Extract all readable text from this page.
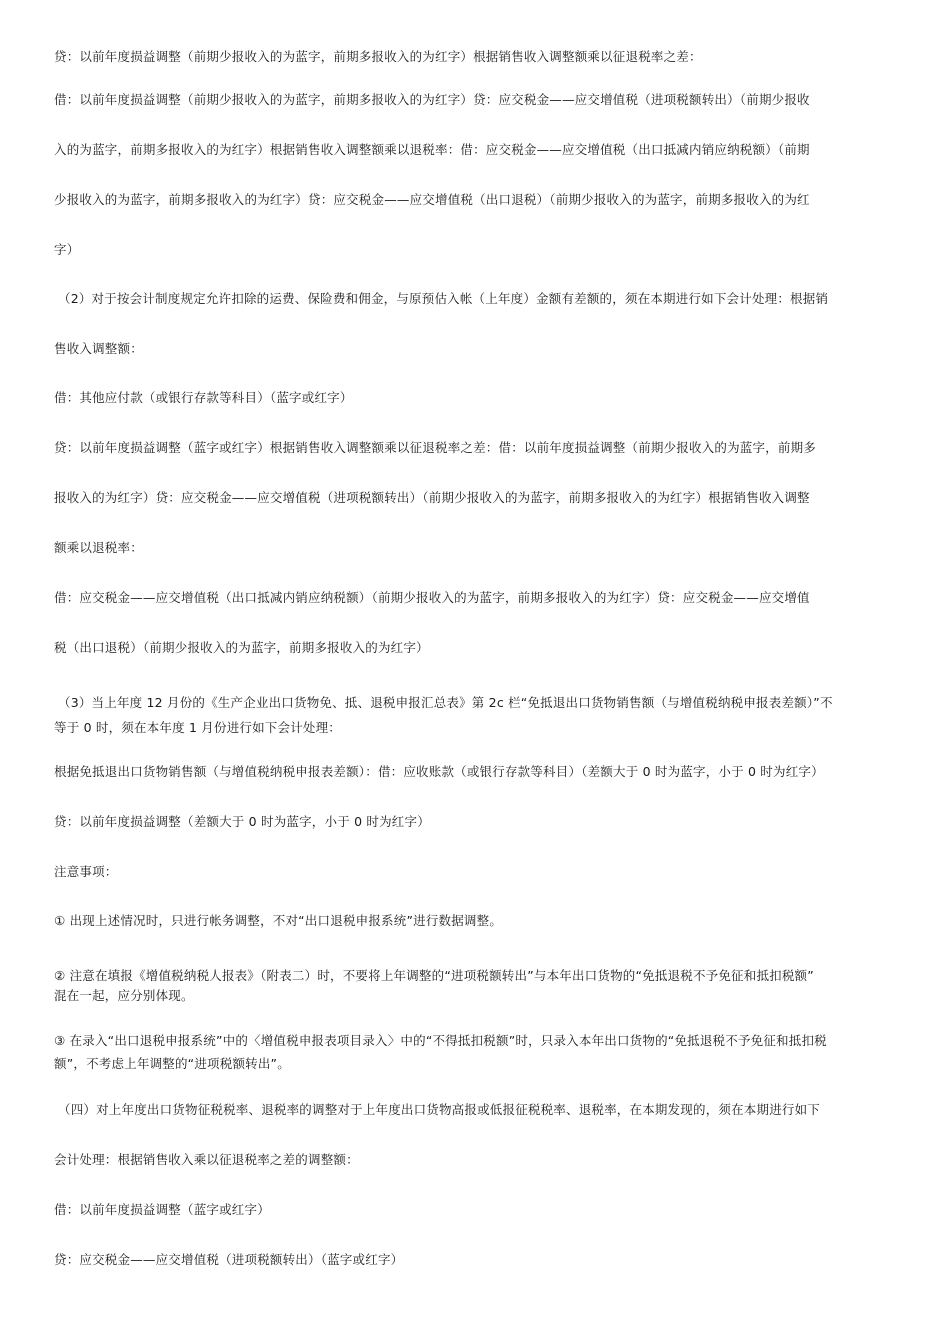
贷：以前年度损益调整（前期少报收入的为蓝字，前期多报收入的为红字）根据销售收入调整额乘以征退税率之差：
借：以前年度损益调整（前期少报收入的为蓝字，前期多报收入的为红字）贷：应交税金——应交增值税（进项税额转出）（前期少报收
入的为蓝字，前期多报收入的为红字）根据销售收入调整额乘以退税率：借：应交税金——应交增值税（出口抵减内销应纳税额）（前期
少报收入的为蓝字，前期多报收入的为红字）贷：应交税金——应交增值税（出口退税）（前期少报收入的为蓝字，前期多报收入的为红
字）
（2）对于按会计制度规定允许扣除的运费、保险费和佣金，与原预估入帐（上年度）金额有差额的，须在本期进行如下会计处理：根据销
售收入调整额：
借：其他应付款（或银行存款等科目）（蓝字或红字）
贷：以前年度损益调整（蓝字或红字）根据销售收入调整额乘以征退税率之差：借：以前年度损益调整（前期少报收入的为蓝字，前期多
报收入的为红字）贷：应交税金——应交增值税（进项税额转出）（前期少报收入的为蓝字，前期多报收入的为红字）根据销售收入调整
额乘以退税率：
借：应交税金——应交增值税（出口抵减内销应纳税额）（前期少报收入的为蓝字，前期多报收入的为红字）贷：应交税金——应交增值
税（出口退税）（前期少报收入的为蓝字，前期多报收入的为红字）
（3）当上年度 12 月份的《生产企业出口货物免、抵、退税申报汇总表》第 2c 栏“免抵退出口货物销售额（与增值税纳税申报表差额）”不
等于 0 时，须在本年度 1 月份进行如下会计处理：
根据免抵退出口货物销售额（与增值税纳税申报表差额）：借：应收账款（或银行存款等科目）（差额大于 0 时为蓝字，小于 0 时为红字）
贷：以前年度损益调整（差额大于 0 时为蓝字，小于 0 时为红字）
注意事项：
① 出现上述情况时，只进行帐务调整，不对“出口退税申报系统”进行数据调整。
② 注意在填报《增值税纳税人报表》（附表二）时，不要将上年调整的“进项税额转出”与本年出口货物的“免抵退税不予免征和抵扣税额”
混在一起，应分别体现。
③ 在录入“出口退税申报系统”中的〈增值税申报表项目录入〉中的“不得抵扣税额”时，只录入本年出口货物的“免抵退税不予免征和抵扣税
额”，不考虑上年调整的“进项税额转出”。
（四）对上年度出口货物征税税率、退税率的调整对于上年度出口货物高报或低报征税税率、退税率，在本期发现的，须在本期进行如下
会计处理：根据销售收入乘以征退税率之差的调整额：
借：以前年度损益调整（蓝字或红字）
贷：应交税金——应交增值税（进项税额转出）（蓝字或红字）
